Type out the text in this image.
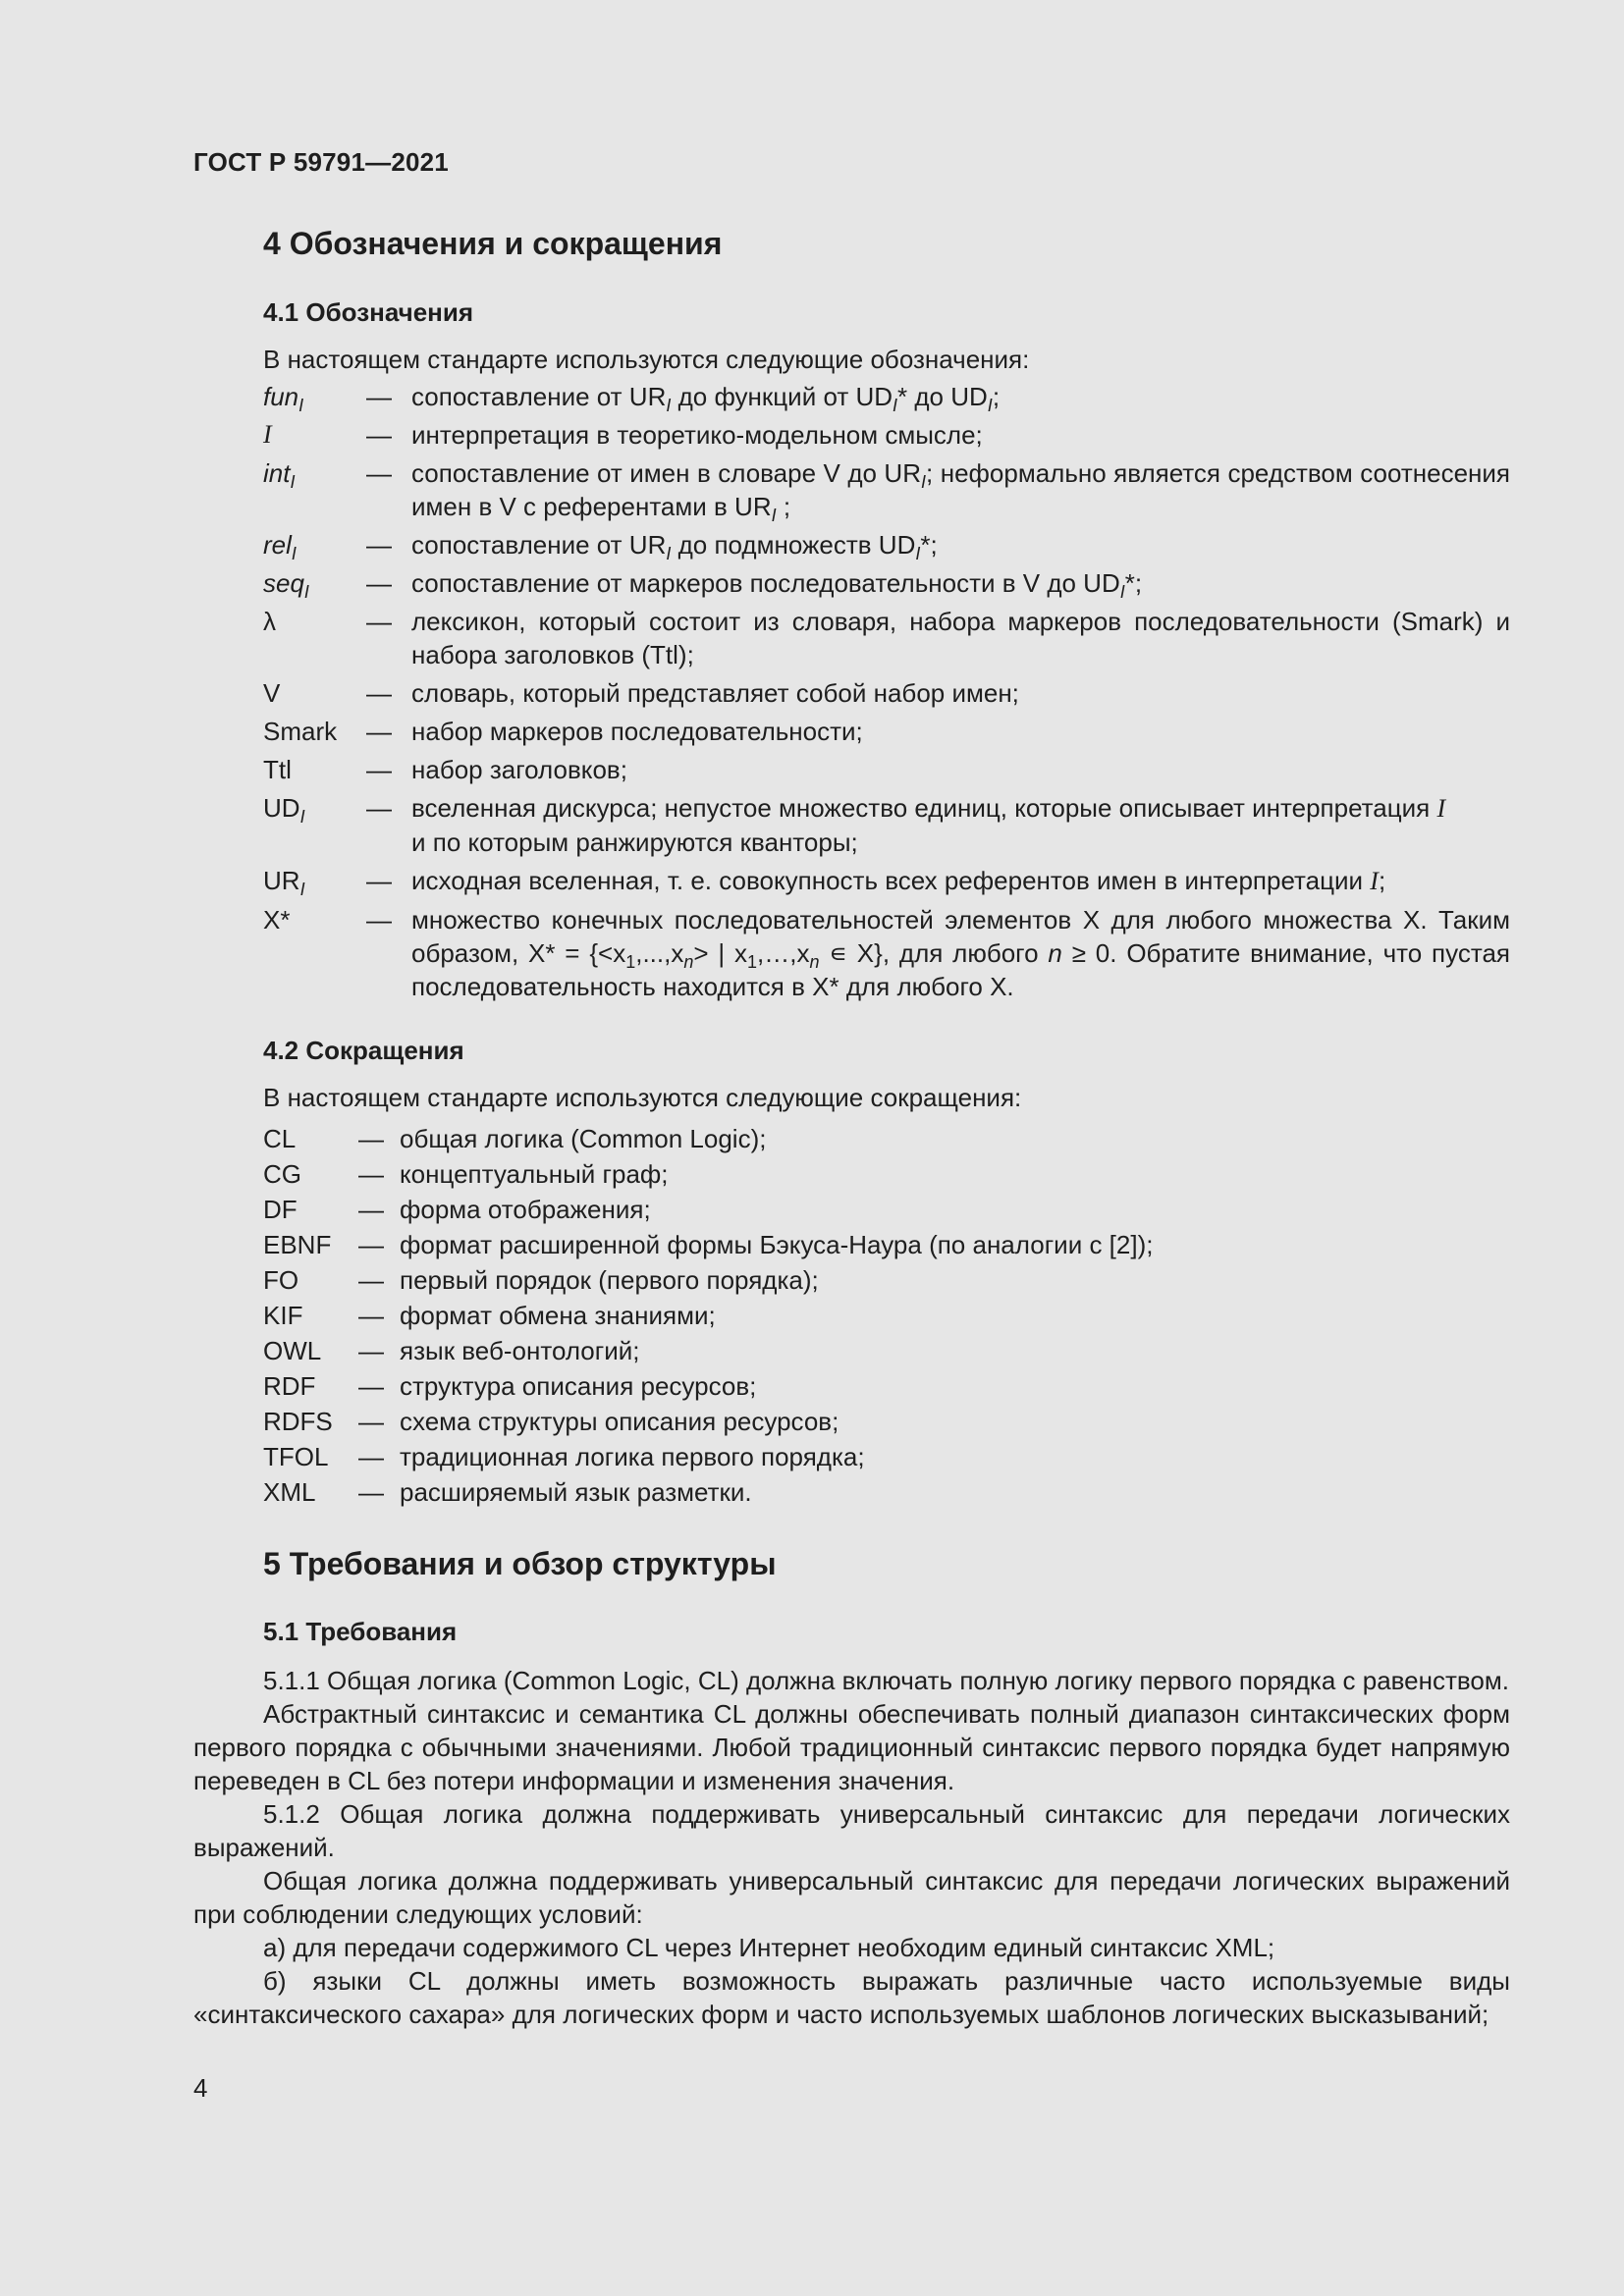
ГОСТ Р 59791—2021
4 Обозначения и сокращения
4.1 Обозначения
В настоящем стандарте используются следующие обозначения:
fun$_I$	— сопоставление от $UR_I$ до функций от $UD_I*$ до $UD_I$;
I	— интерпретация в теоретико-модельном смысле;
int$_I$	— сопоставление от имен в словаре V до $UR_I$; неформально является средством соотнесения имен в V с референтами в $UR_I$ ;
rel$_I$	— сопоставление от $UR_I$ до подмножеств $UD_I*$;
seq$_I$	— сопоставление от маркеров последовательности в V до $UD_I*$;
λ	— лексикон, который состоит из словаря, набора маркеров последовательности (Smark) и набора заголовков (Ttl);
V	— словарь, который представляет собой набор имен;
Smark	— набор маркеров последовательности;
Ttl	— набор заголовков;
$UD_I$	— вселенная дискурса; непустое множество единиц, которые описывает интерпретация I
и по которым ранжируются кванторы;
$UR_I$	— исходная вселенная, т. е. совокупность всех референтов имен в интерпретации I;
X*	— множество конечных последовательностей элементов X для любого множества X. Таким образом, $X* = \{<x_1,...,x_n>$ | $x_1,\dots,x_n$ ∊ X}, для любого n ≥ 0. Обратите внимание, что пустая последовательность находится в X* для любого X.
4.2 Сокращения
В настоящем стандарте используются следующие сокращения:
CL	— общая логика (Common Logic);
CG	— концептуальный граф;
DF	— форма отображения;
EBNF	— формат расширенной формы Бэкуса-Наура (по аналогии с [2]);
FO	— первый порядок (первого порядка);
KIF	— формат обмена знаниями;
OWL	— язык веб-онтологий;
RDF	— структура описания ресурсов;
RDFS	— схема структуры описания ресурсов;
TFOL	— традиционная логика первого порядка;
XML	— расширяемый язык разметки.
5 Требования и обзор структуры
5.1 Требования

5.1.1 Общая логика (Common Logic, CL) должна включать полную логику первого порядка с равенством.

Абстрактный синтаксис и семантика CL должны обеспечивать полный диапазон синтаксических форм первого порядка с обычными значениями. Любой традиционный синтаксис первого порядка будет напрямую переведен в CL без потери информации и изменения значения.

5.1.2 Общая логика должна поддерживать универсальный синтаксис для передачи логических выражений.

Общая логика должна поддерживать универсальный синтаксис для передачи логических выражений при соблюдении следующих условий:

а) для передачи содержимого CL через Интернет необходим единый синтаксис XML;

б) языки CL должны иметь возможность выражать различные часто используемые виды «синтаксического сахара» для логических форм и часто используемых шаблонов логических высказываний;

4
